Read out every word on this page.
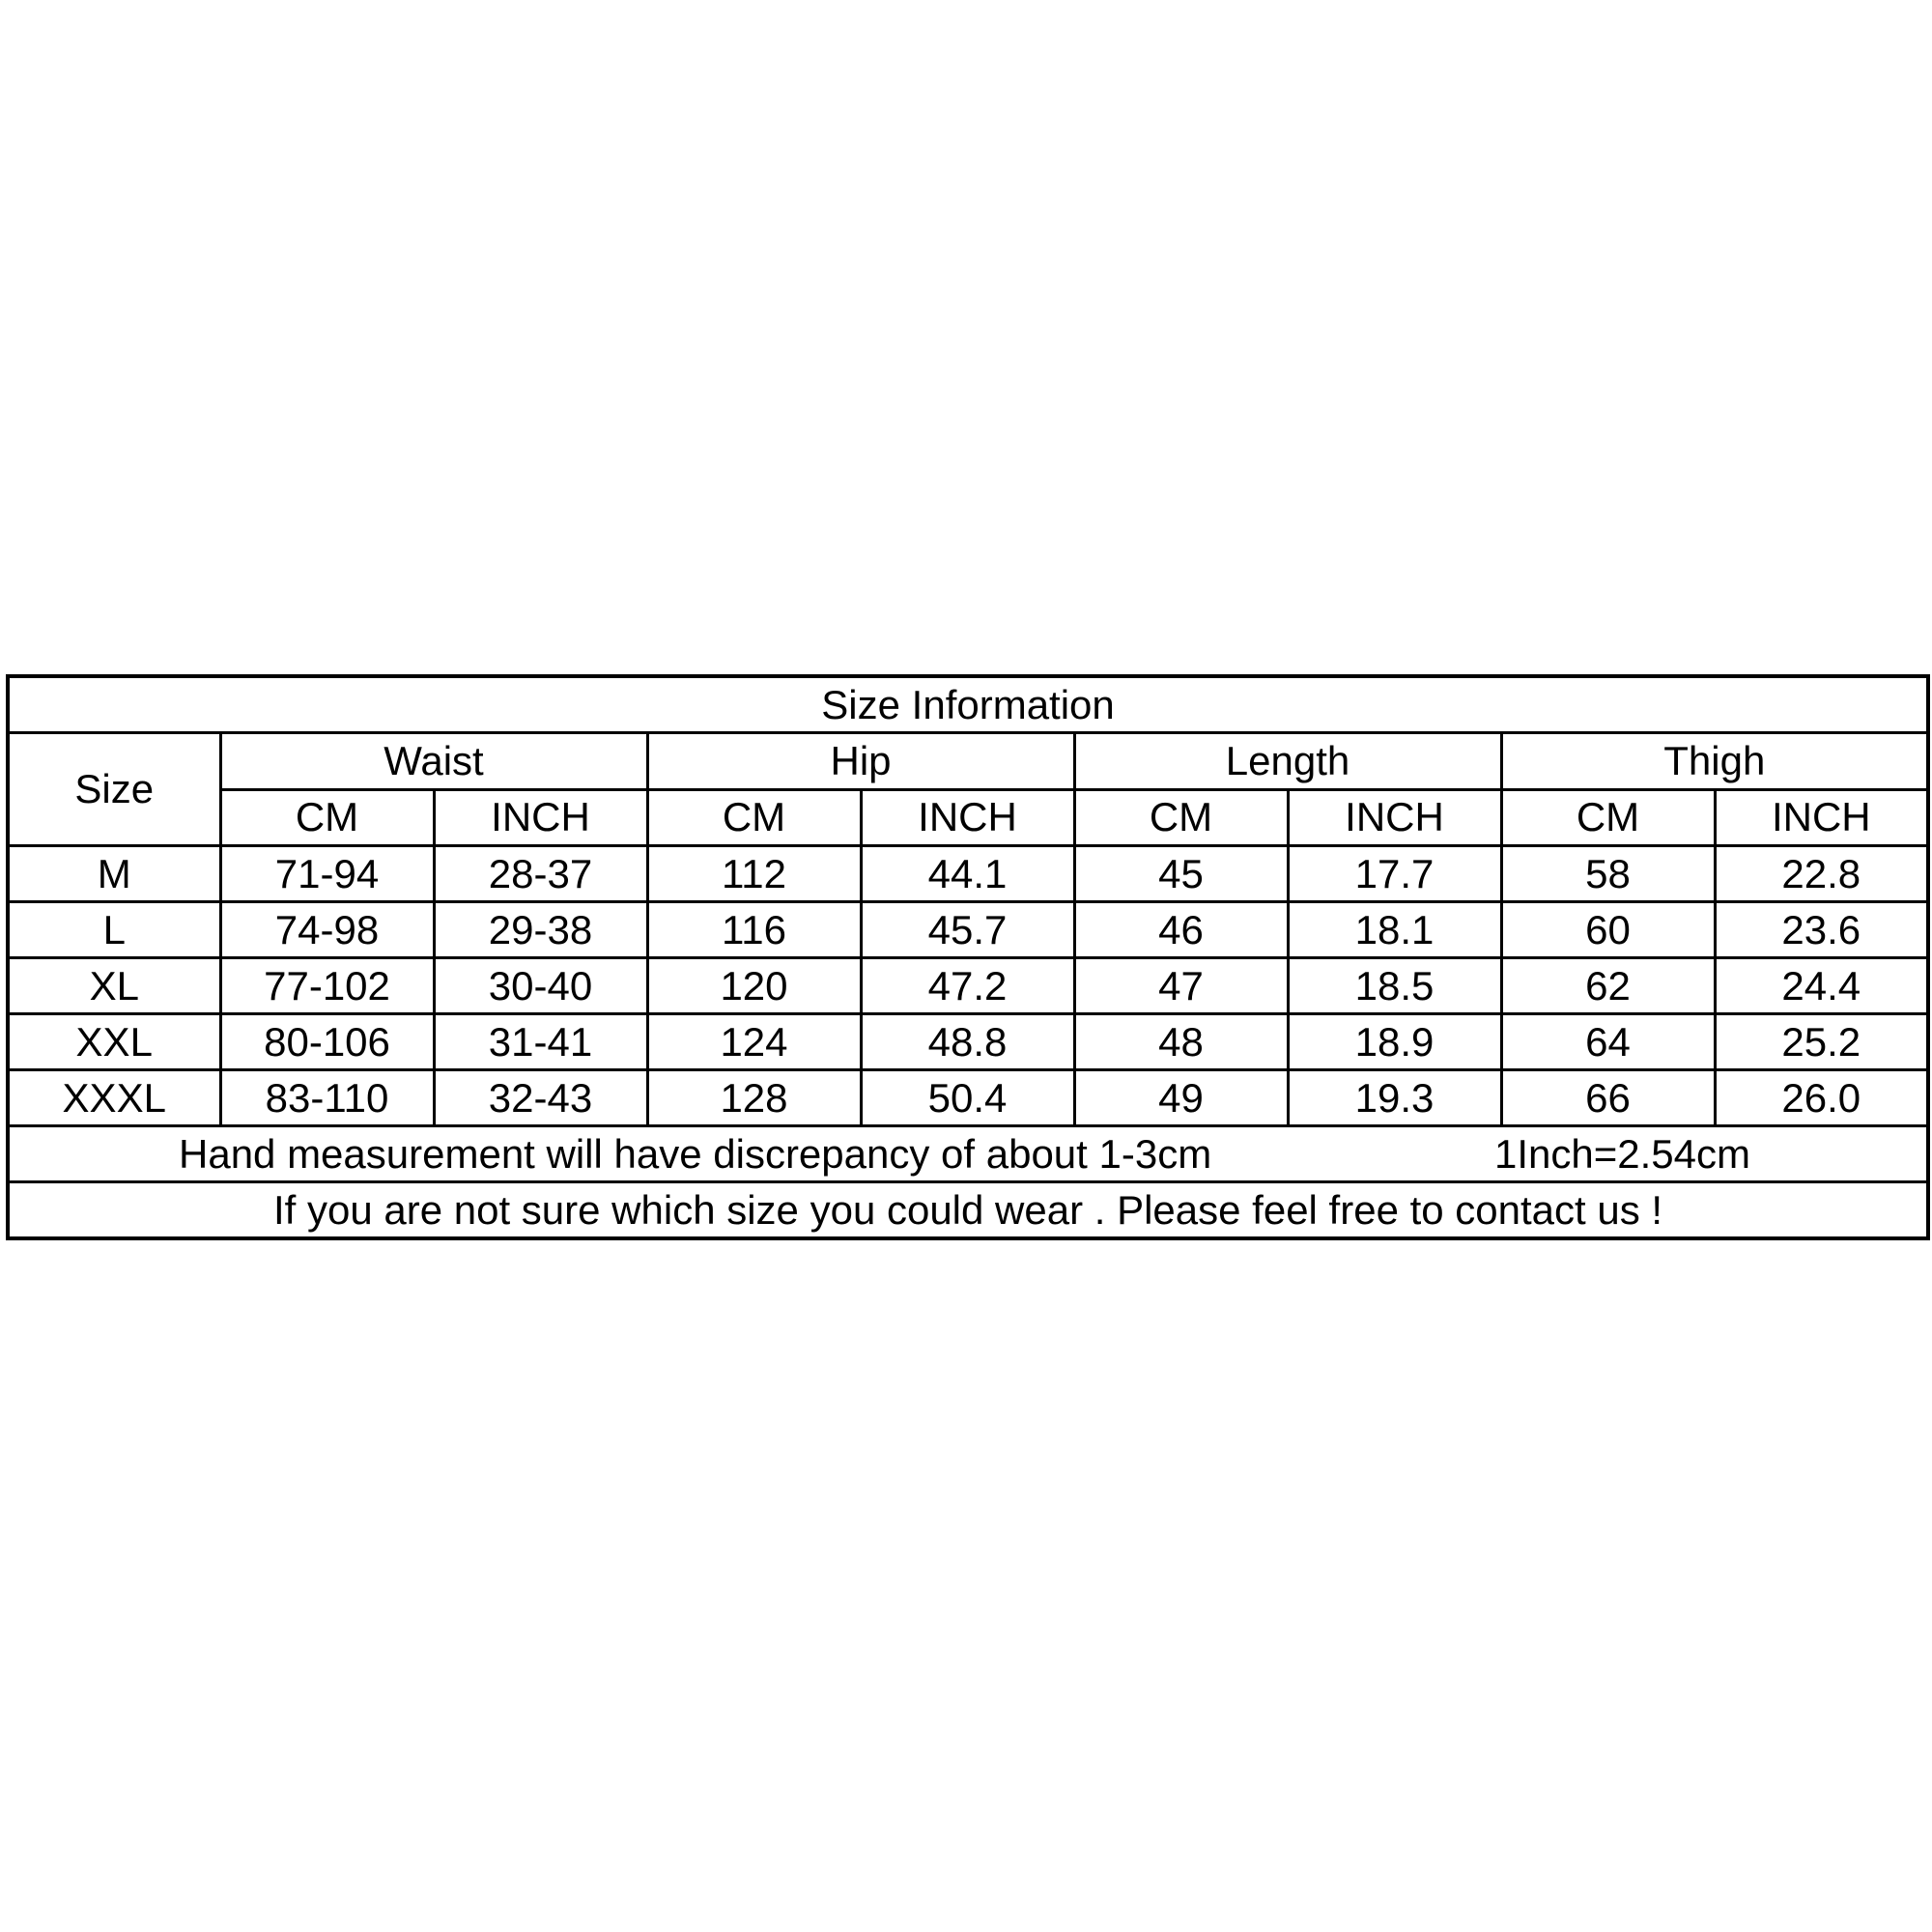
Size Information								
Size	Waist		Hip		Length		Thigh	
	CM	INCH	CM	INCH	CM	INCH	CM	INCH
M	71-94	28-37	112	44.1	45	17.7	58	22.8
L	74-98	29-38	116	45.7	46	18.1	60	23.6
XL	77-102	30-40	120	47.2	47	18.5	62	24.4
XXL	80-106	31-41	124	48.8	48	18.9	64	25.2
XXXL	83-110	32-43	128	50.4	49	19.3	66	26.0

Hand measurement will have discrepancy of about 1-3cm 1Inch=2.54cm								

If you are not sure which size you could wear . Please feel free to contact us !								
